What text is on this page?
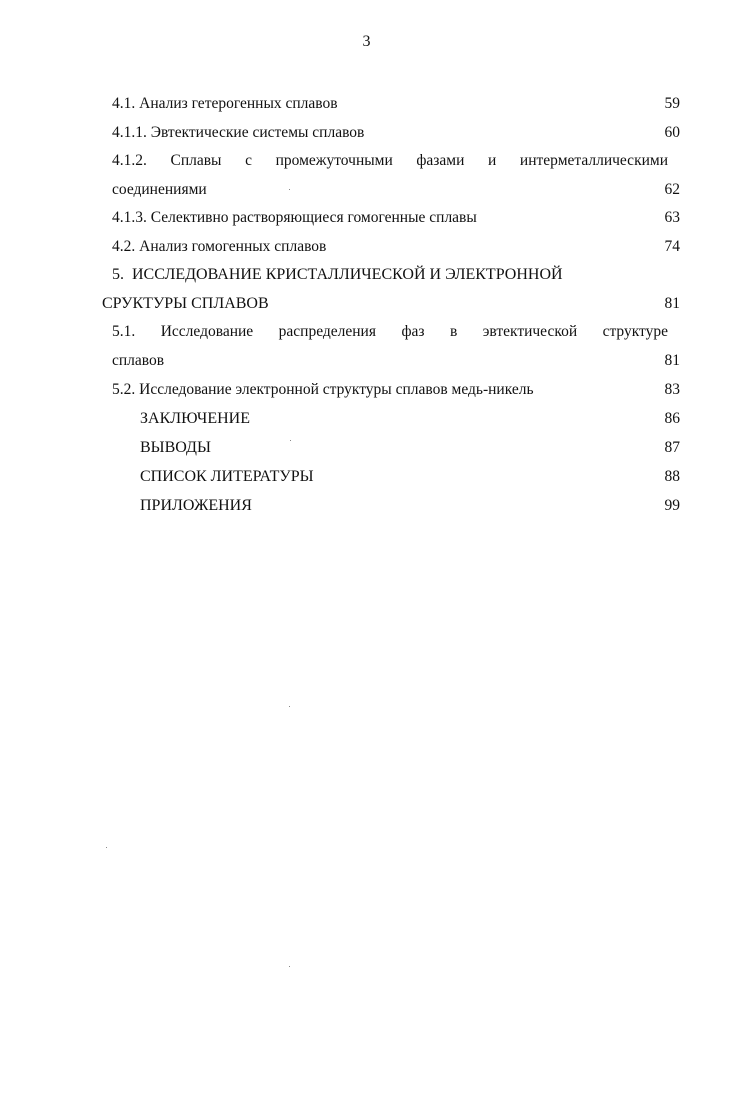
3
4.1. Анализ гетерогенных сплавов	59
4.1.1. Эвтектические системы сплавов	60
4.1.2. Сплавы с промежуточными фазами и интерметаллическими
соединениями	62
4.1.3. Селективно растворяющиеся гомогенные сплавы	63
4.2. Анализ гомогенных сплавов	74
5.  ИССЛЕДОВАНИЕ КРИСТАЛЛИЧЕСКОЙ И ЭЛЕКТРОННОЙ
СРУКТУРЫ СПЛАВОВ	81
5.1. Исследование распределения фаз в эвтектической структуре
сплавов	81
5.2. Исследование электронной структуры сплавов медь-никель	83
ЗАКЛЮЧЕНИЕ	86
ВЫВОДЫ	87
СПИСОК ЛИТЕРАТУРЫ	88
ПРИЛОЖЕНИЯ	99
